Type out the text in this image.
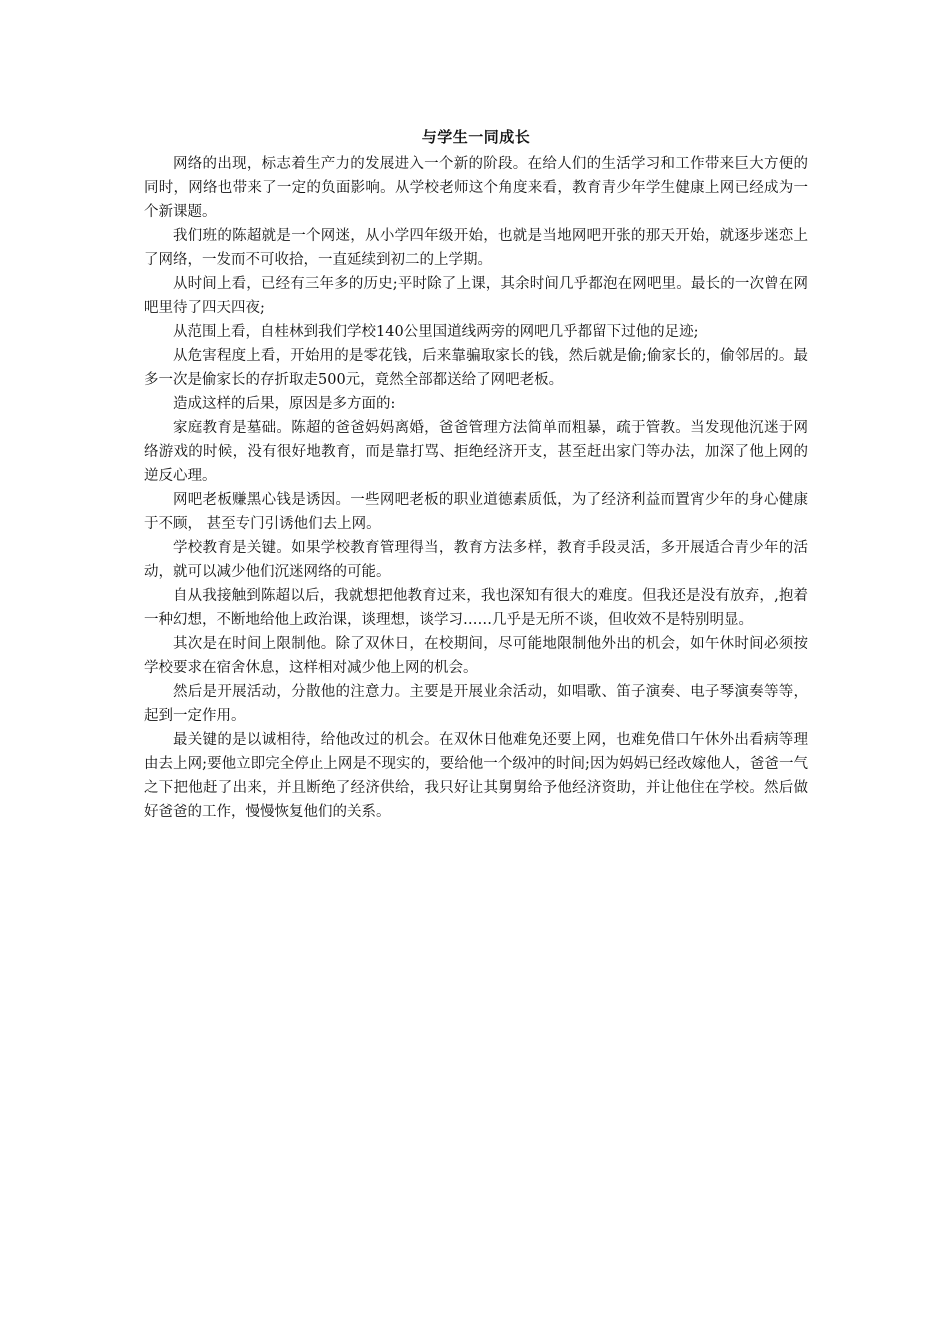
与学生一同成长

网络的出现，标志着生产力的发展进入一个新的阶段。在给人们的生活学习和工作带来巨大方便的同时，网络也带来了一定的负面影响。从学校老师这个角度来看，教育青少年学生健康上网已经成为一个新课题。

我们班的陈超就是一个网迷，从小学四年级开始，也就是当地网吧开张的那天开始，就逐步迷恋上了网络，一发而不可收拾，一直延续到初二的上学期。

从时间上看，已经有三年多的历史;平时除了上课，其余时间几乎都泡在网吧里。最长的一次曾在网吧里待了四天四夜;

从范围上看，自桂林到我们学校140公里国道线两旁的网吧几乎都留下过他的足迹;

从危害程度上看，开始用的是零花钱，后来靠骗取家长的钱，然后就是偷;偷家长的，偷邻居的。最多一次是偷家长的存折取走500元，竟然全部都送给了网吧老板。

造成这样的后果，原因是多方面的:

家庭教育是墓础。陈超的爸爸妈妈离婚，爸爸管理方法简单而粗暴，疏于管教。当发现他沉迷于网络游戏的时候，没有很好地教育，而是靠打骂、拒绝经济开支，甚至赶出家门等办法，加深了他上网的逆反心理。

网吧老板赚黑心钱是诱因。一些网吧老板的职业道德素质低，为了经济利益而置宵少年的身心健康于不顾， 甚至专门引诱他们去上网。

学校教育是关键。如果学校教育管理得当，教育方法多样，教育手段灵活，多开展适合青少年的活动，就可以减少他们沉迷网络的可能。

自从我接触到陈超以后，我就想把他教育过来，我也深知有很大的难度。但我还是没有放弃，,抱着一种幻想，不断地给他上政治课，谈理想，谈学习……几乎是无所不谈，但收效不是特别明显。

其次是在时间上限制他。除了双休日，在校期间，尽可能地限制他外出的机会，如午休时间必须按学校要求在宿舍休息，这样相对减少他上网的机会。

然后是开展活动，分散他的注意力。主要是开展业余活动，如唱歌、笛子演奏、电子琴演奏等等，起到一定作用。

最关键的是以诚相待，给他改过的机会。在双休日他难免还要上网，也难免借口午休外出看病等理由去上网;要他立即完全停止上网是不现实的，要给他一个级冲的时间;因为妈妈已经改嫁他人，爸爸一气之下把他赶了出来，并且断绝了经济供给，我只好让其舅舅给予他经济资助，并让他住在学校。然后做好爸爸的工作，慢慢恢复他们的关系。
